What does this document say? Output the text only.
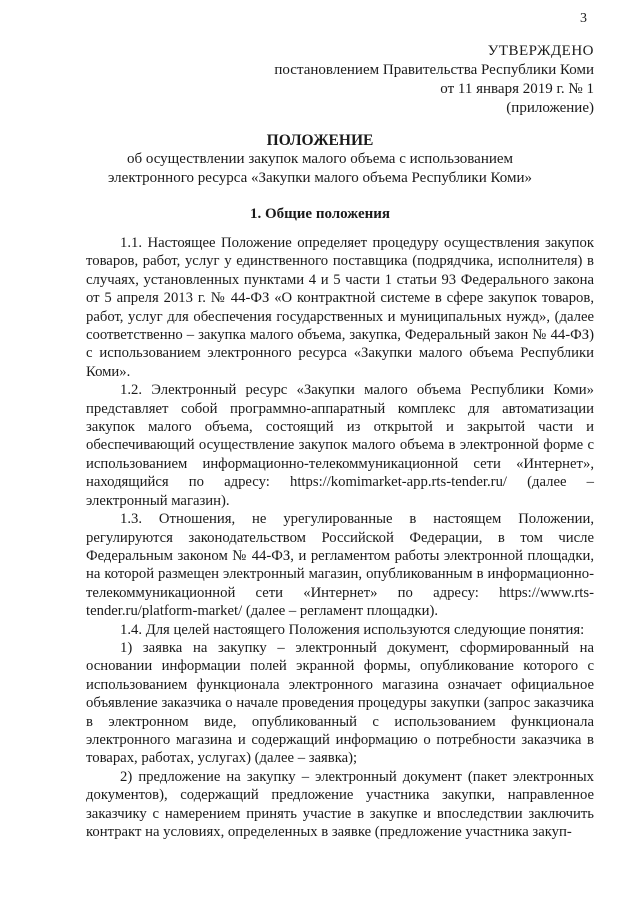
3
УТВЕРЖДЕНО
постановлением Правительства Республики Коми
от 11 января 2019 г. № 1
(приложение)
ПОЛОЖЕНИЕ
об осуществлении закупок малого объема с использованием
электронного ресурса «Закупки малого объема Республики Коми»
1. Общие положения

1.1. Настоящее Положение определяет процедуру осуществления закупок товаров, работ, услуг у единственного поставщика (подрядчика, исполнителя) в случаях, установленных пунктами 4 и 5 части 1 статьи 93 Федерального закона от 5 апреля 2013 г. № 44-ФЗ «О контрактной системе в сфере закупок товаров, работ, услуг для обеспечения государственных и муниципальных нужд», (далее соответственно – закупка малого объема, закупка, Федеральный закон № 44-ФЗ) с использованием электронного ресурса «Закупки малого объема Республики Коми».

1.2. Электронный ресурс «Закупки малого объема Республики Коми» представляет собой программно-аппаратный комплекс для автоматизации закупок малого объема, состоящий из открытой и закрытой части и обеспечивающий осуществление закупок малого объема в электронной форме с использованием информационно-телекоммуникационной сети «Интернет», находящийся по адресу: https://komimarket-app.rts-tender.ru/ (далее – электронный магазин).

1.3. Отношения, не урегулированные в настоящем Положении, регулируются законодательством Российской Федерации, в том числе Федеральным законом № 44-ФЗ, и регламентом работы электронной площадки, на которой размещен электронный магазин, опубликованным в информационно-телекоммуникационной сети «Интернет» по адресу: https://www.rts-tender.ru/platform-market/ (далее – регламент площадки).

1.4. Для целей настоящего Положения используются следующие понятия:

1) заявка на закупку – электронный документ, сформированный на основании информации полей экранной формы, опубликование которого с использованием функционала электронного магазина означает официальное объявление заказчика о начале проведения процедуры закупки (запрос заказчика в электронном виде, опубликованный с использованием функционала электронного магазина и содержащий информацию о потребности заказчика в товарах, работах, услугах) (далее – заявка);

2) предложение на закупку – электронный документ (пакет электронных документов), содержащий предложение участника закупки, направленное заказчику с намерением принять участие в закупке и впоследствии заключить контракт на условиях, определенных в заявке (предложение участника закуп-
